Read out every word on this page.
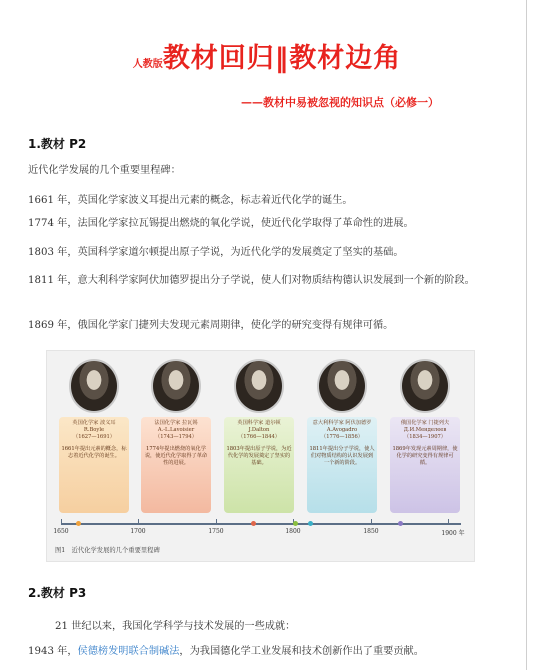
人教版教材回归‖教材边角
——教材中易被忽视的知识点（必修一）
1.教材 P2
近代化学发展的几个重要里程碑：
1661 年，英国化学家波义耳提出元素的概念，标志着近代化学的诞生。
1774 年，法国化学家拉瓦锡提出燃烧的氧化学说，使近代化学取得了革命性的进展。
1803 年，英国科学家道尔顿提出原子学说，为近代化学的发展奠定了坚实的基础。
1811 年，意大利科学家阿伏加德罗提出分子学说，使人们对物质结构德认识发展到一个新的阶段。
1869 年，俄国化学家门捷列夫发现元素周期律，使化学的研究变得有规律可循。
英国化学家 波义耳
R.Boyle
（1627—1691）
1661年提出元素的概念，标志着近代化学的诞生。
法国化学家 拉瓦锡
A.-L.Lavoisier
（1743—1794）
1774年提出燃烧的氧化学说，使近代化学取得了革命性的进展。
英国科学家 道尔顿
J.Dalton
（1766—1844）
1803年提出原子学说，为近代化学的发展奠定了坚实的基础。
意大利科学家 阿伏加德罗
A.Avogadro
（1776—1856）
1811年提出分子学说，使人们对物质结构的认识发展到一个新的阶段。
俄国化学家 门捷列夫
Д.И.Менделеев
（1834—1907）
1869年发现元素周期律，使化学的研究变得有规律可循。
1650	1700	1750	1800	1850	1900 年
图1　近代化学发展的几个重要里程碑
2.教材 P3
21 世纪以来，我国化学科学与技术发展的一些成就：
1943 年，侯德榜发明联合制碱法，为我国德化学工业发展和技术创新作出了重要贡献。
